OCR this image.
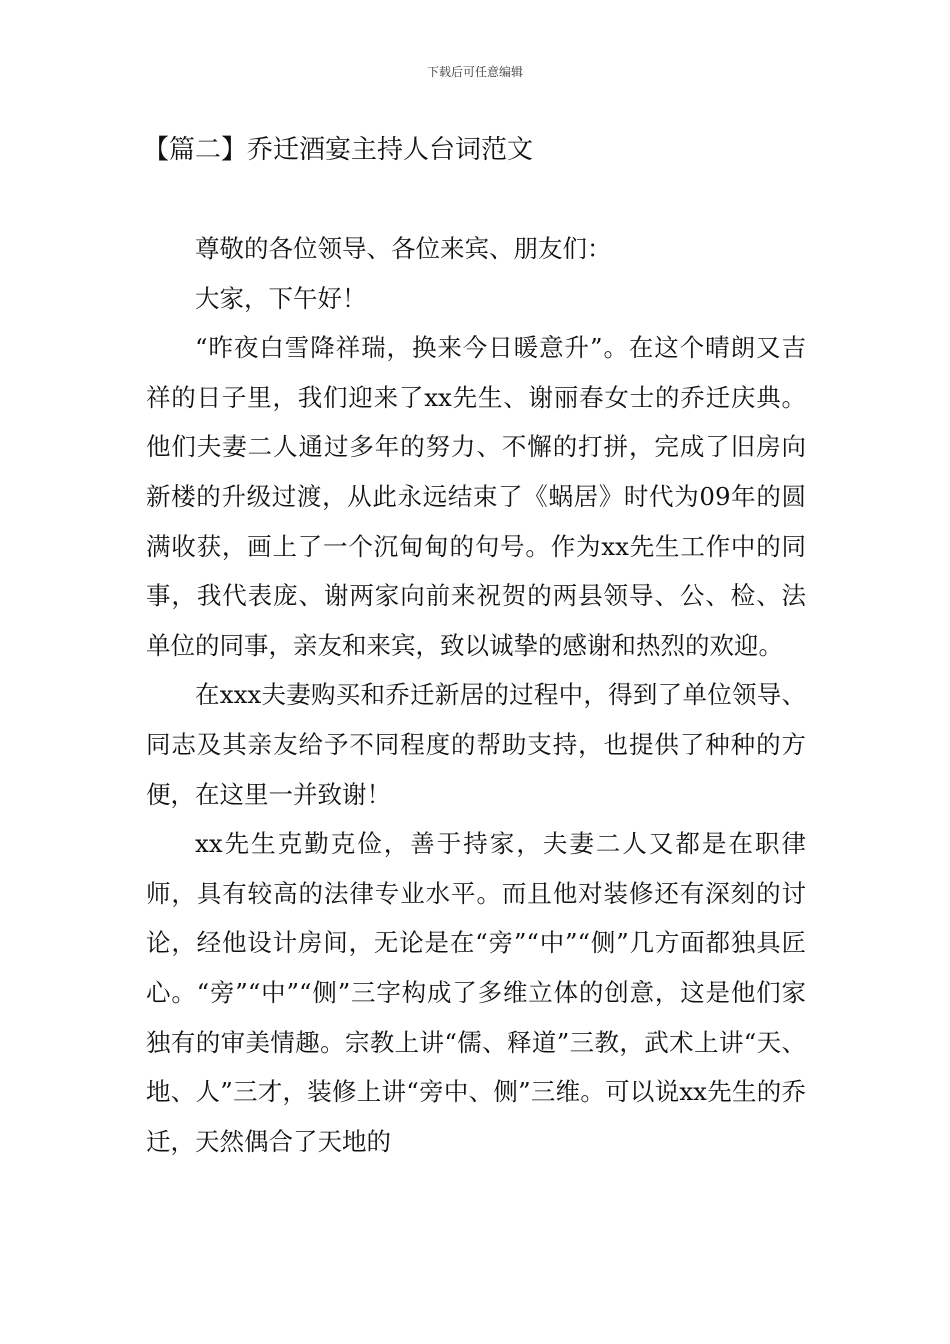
下载后可任意编辑
【篇二】乔迁酒宴主持人台词范文

尊敬的各位领导、各位来宾、朋友们：

大家，下午好！

“昨夜白雪降祥瑞，换来今日暖意升”。在这个晴朗又吉祥的日子里，我们迎来了xx先生、谢丽春女士的乔迁庆典。他们夫妻二人通过多年的努力、不懈的打拼，完成了旧房向新楼的升级过渡，从此永远结束了《蜗居》时代为09年的圆满收获，画上了一个沉甸甸的句号。作为xx先生工作中的同事，我代表庞、谢两家向前来祝贺的两县领导、公、检、法单位的同事，亲友和来宾，致以诚挚的感谢和热烈的欢迎。

在xxx夫妻购买和乔迁新居的过程中，得到了单位领导、同志及其亲友给予不同程度的帮助支持，也提供了种种的方便，在这里一并致谢！

xx先生克勤克俭，善于持家，夫妻二人又都是在职律师，具有较高的法律专业水平。而且他对装修还有深刻的讨论，经他设计房间，无论是在“旁”“中”“侧”几方面都独具匠心。“旁”“中”“侧”三字构成了多维立体的创意，这是他们家独有的审美情趣。宗教上讲“儒、释道”三教，武术上讲“天、地、人”三才，装修上讲“旁中、侧”三维。可以说xx先生的乔迁，天然偶合了天地的
